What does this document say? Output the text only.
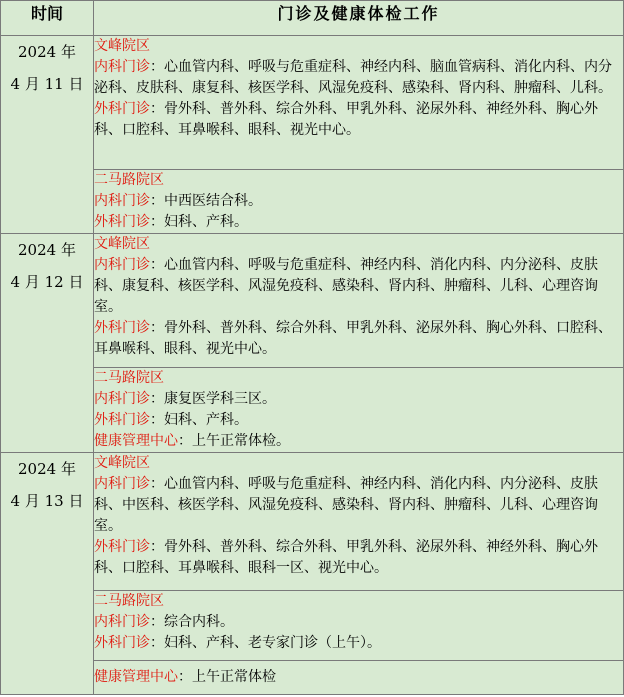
时间	门诊及健康体检工作

2024 年
4 月 11 日	文峰院区
内科门诊：心血管内科、呼吸与危重症科、神经内科、脑血管病科、消化内科、内分泌科、皮肤科、康复科、核医学科、风湿免疫科、感染科、肾内科、肿瘤科、儿科。
外科门诊：骨外科、普外科、综合外科、甲乳外科、泌尿外科、神经外科、胸心外科、口腔科、耳鼻喉科、眼科、视光中心。

	二马路院区
内科门诊：中西医结合科。
外科门诊：妇科、产科。

2024 年
4 月 12 日	文峰院区
内科门诊：心血管内科、呼吸与危重症科、神经内科、消化内科、内分泌科、皮肤科、康复科、核医学科、风湿免疫科、感染科、肾内科、肿瘤科、儿科、心理咨询室。
外科门诊：骨外科、普外科、综合外科、甲乳外科、泌尿外科、胸心外科、口腔科、耳鼻喉科、眼科、视光中心。

	二马路院区
内科门诊：康复医学科三区。
外科门诊：妇科、产科。
健康管理中心：上午正常体检。

2024 年
4 月 13 日	文峰院区
内科门诊：心血管内科、呼吸与危重症科、神经内科、消化内科、内分泌科、皮肤科、中医科、核医学科、风湿免疫科、感染科、肾内科、肿瘤科、儿科、心理咨询室。
外科门诊：骨外科、普外科、综合外科、甲乳外科、泌尿外科、神经外科、胸心外科、口腔科、耳鼻喉科、眼科一区、视光中心。

	二马路院区
内科门诊：综合内科。
外科门诊：妇科、产科、老专家门诊（上午）。

	健康管理中心：上午正常体检
